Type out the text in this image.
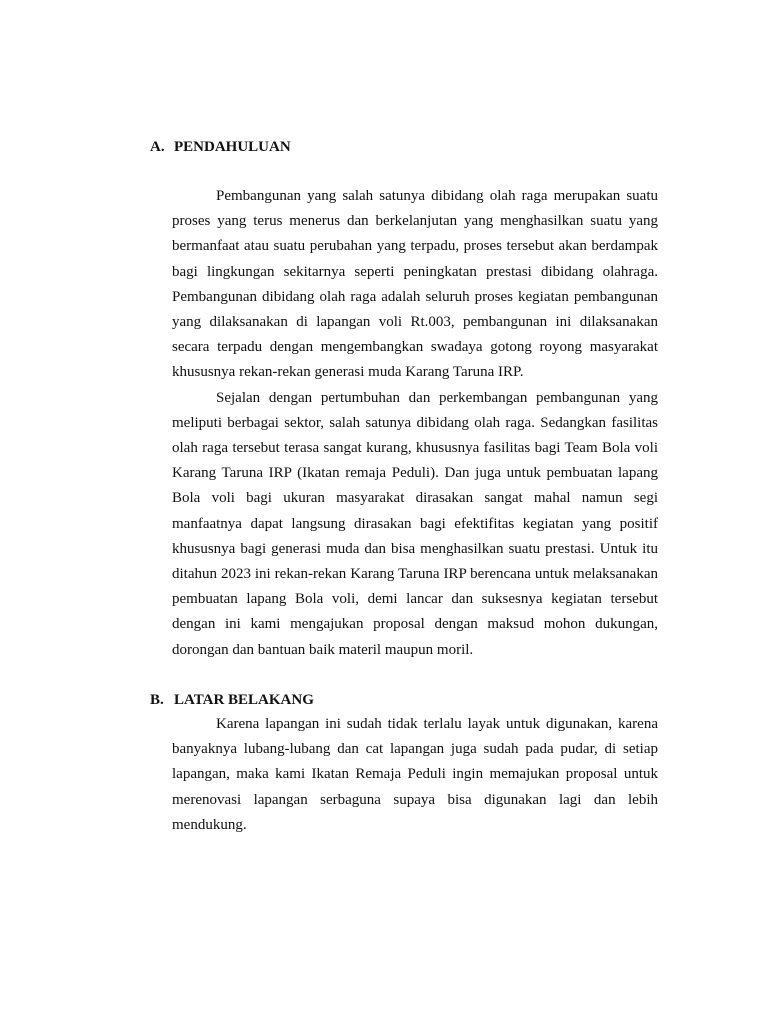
A. PENDAHULUAN

Pembangunan yang salah satunya dibidang olah raga merupakan suatu proses yang terus menerus dan berkelanjutan yang menghasilkan suatu yang bermanfaat atau suatu perubahan yang terpadu, proses tersebut akan berdampak bagi lingkungan sekitarnya seperti peningkatan prestasi dibidang olahraga. Pembangunan dibidang olah raga adalah seluruh proses kegiatan pembangunan yang dilaksanakan di lapangan voli Rt.003, pembangunan ini dilaksanakan secara terpadu dengan mengembangkan swadaya gotong royong masyarakat khususnya rekan-rekan generasi muda Karang Taruna IRP.

Sejalan dengan pertumbuhan dan perkembangan pembangunan yang meliputi berbagai sektor, salah satunya dibidang olah raga. Sedangkan fasilitas olah raga tersebut terasa sangat kurang, khususnya fasilitas bagi Team Bola voli Karang Taruna IRP (Ikatan remaja Peduli). Dan juga untuk pembuatan lapang Bola voli bagi ukuran masyarakat dirasakan sangat mahal namun segi manfaatnya dapat langsung dirasakan bagi efektifitas kegiatan yang positif khususnya bagi generasi muda dan bisa menghasilkan suatu prestasi. Untuk itu ditahun 2023 ini rekan-rekan Karang Taruna IRP berencana untuk melaksanakan pembuatan lapang Bola voli, demi lancar dan suksesnya kegiatan tersebut dengan ini kami mengajukan proposal dengan maksud mohon dukungan, dorongan dan bantuan baik materil maupun moril.

B. LATAR BELAKANG

Karena lapangan ini sudah tidak terlalu layak untuk digunakan, karena banyaknya lubang-lubang dan cat lapangan juga sudah pada pudar, di setiap lapangan, maka kami Ikatan Remaja Peduli ingin memajukan proposal untuk merenovasi lapangan serbaguna supaya bisa digunakan lagi dan lebih mendukung.
